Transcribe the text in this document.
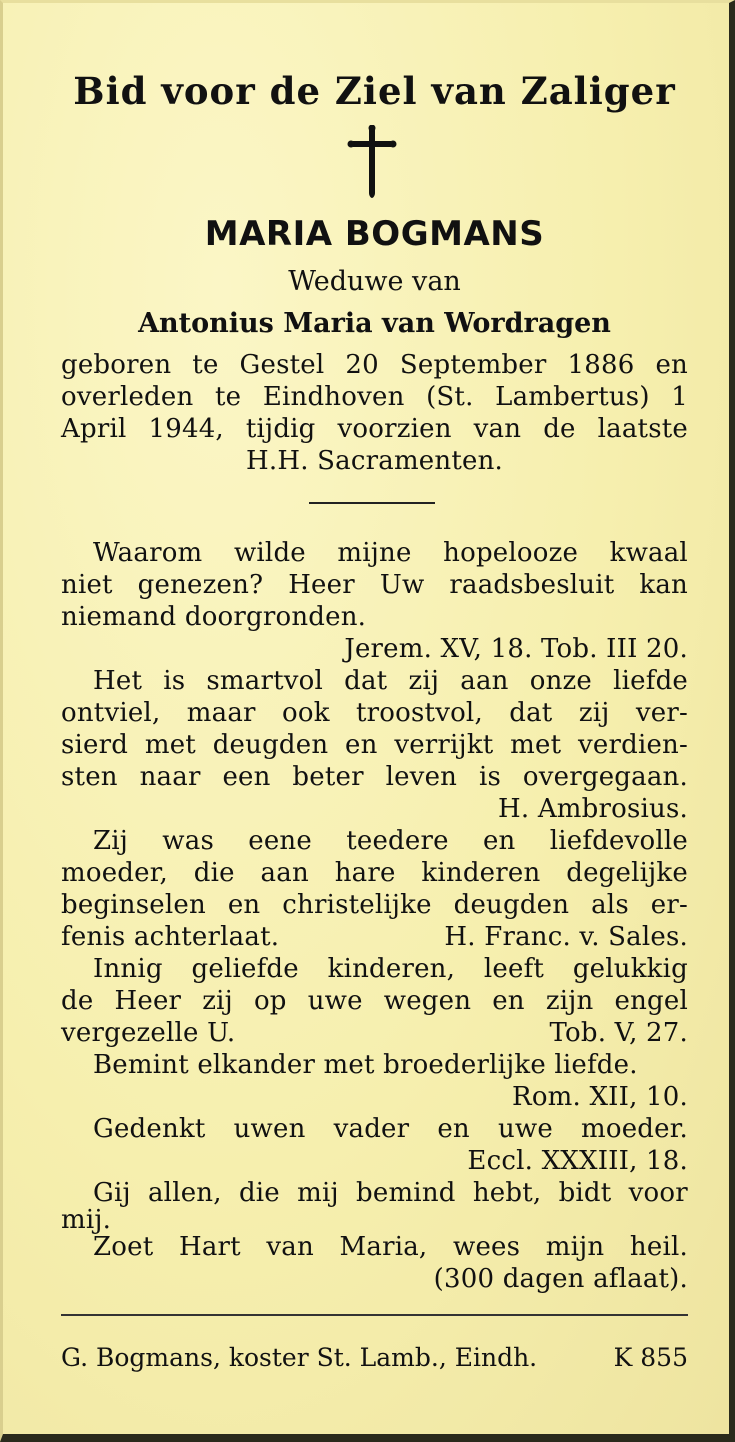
Bid voor de Ziel van Zaliger
MARIA BOGMANS
Weduwe van
Antonius Maria van Wordragen
geboren te Gestel 20 September 1886 en
overleden te Eindhoven (St. Lambertus) 1
April 1944, tijdig voorzien van de laatste
H.H. Sacramenten.
Waarom wilde mijne hopelooze kwaal
niet genezen? Heer Uw raadsbesluit kan
niemand doorgronden.
Jerem. XV, 18. Tob. III 20.
Het is smartvol dat zij aan onze liefde
ontviel, maar ook troostvol, dat zij ver-
sierd met deugden en verrijkt met verdien-
sten naar een beter leven is overgegaan.
H. Ambrosius.
Zij was eene teedere en liefdevolle
moeder, die aan hare kinderen degelijke
beginselen en christelijke deugden als er-
fenis achterlaat.	H. Franc. v. Sales.
Innig geliefde kinderen, leeft gelukkig
de Heer zij op uwe wegen en zijn engel
vergezelle U.	Tob. V, 27.
Bemint elkander met broederlijke liefde.
Rom. XII, 10.
Gedenkt uwen vader en uwe moeder.
Eccl. XXXIII, 18.
Gij allen, die mij bemind hebt, bidt voor
mij.
Zoet Hart van Maria, wees mijn heil.
(300 dagen aflaat).
G. Bogmans, koster St. Lamb., Eindh.	K 855
